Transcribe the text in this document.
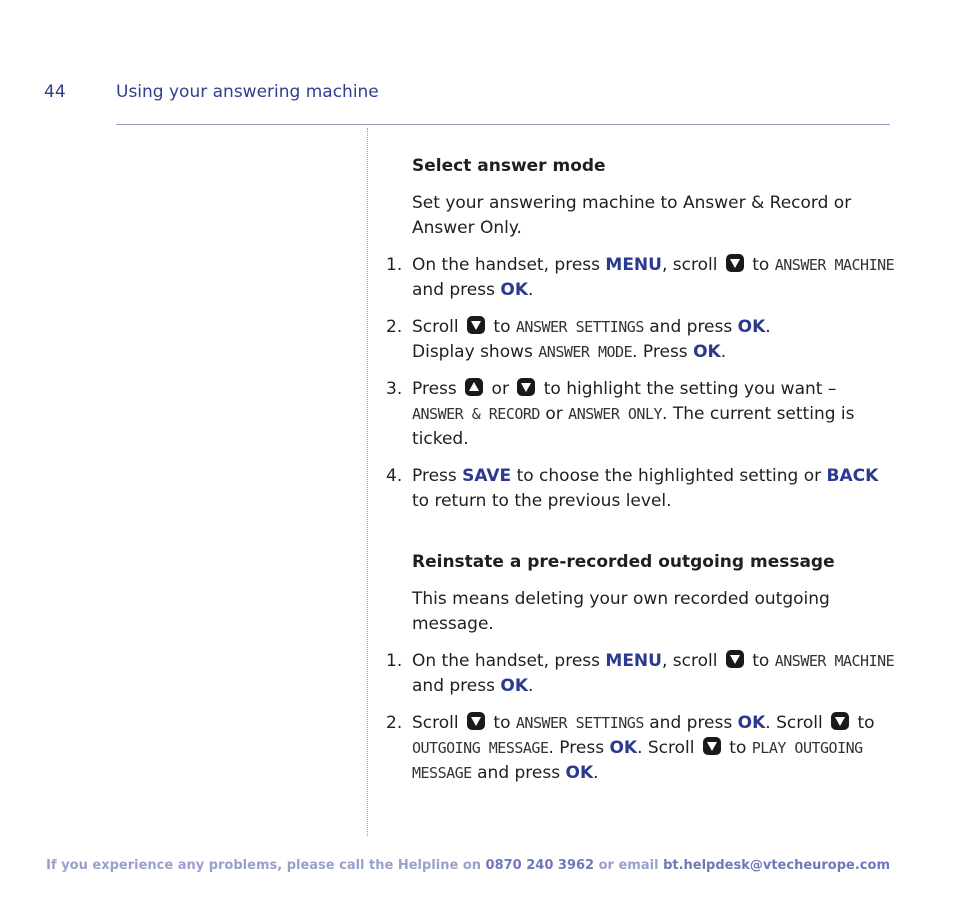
44	Using your answering machine

Select answer mode

Set your answering machine to Answer & Record or Answer Only.

1. On the handset, press MENU, scroll  to ANSWER MACHINE and press OK.
2. Scroll  to ANSWER SETTINGS and press OK.
Display shows ANSWER MODE. Press OK.
3. Press  or  to highlight the setting you want –
ANSWER & RECORD or ANSWER ONLY. The current setting is ticked.
4. Press SAVE to choose the highlighted setting or BACK to return to the previous level.

Reinstate a pre-recorded outgoing message

This means deleting your own recorded outgoing message.

1. On the handset, press MENU, scroll  to ANSWER MACHINE and press OK.
2. Scroll  to ANSWER SETTINGS and press OK. Scroll  to
OUTGOING MESSAGE. Press OK. Scroll  to PLAY OUTGOING MESSAGE and press OK.
If you experience any problems, please call the Helpline on 0870 240 3962 or email bt.helpdesk@vtecheurope.com
